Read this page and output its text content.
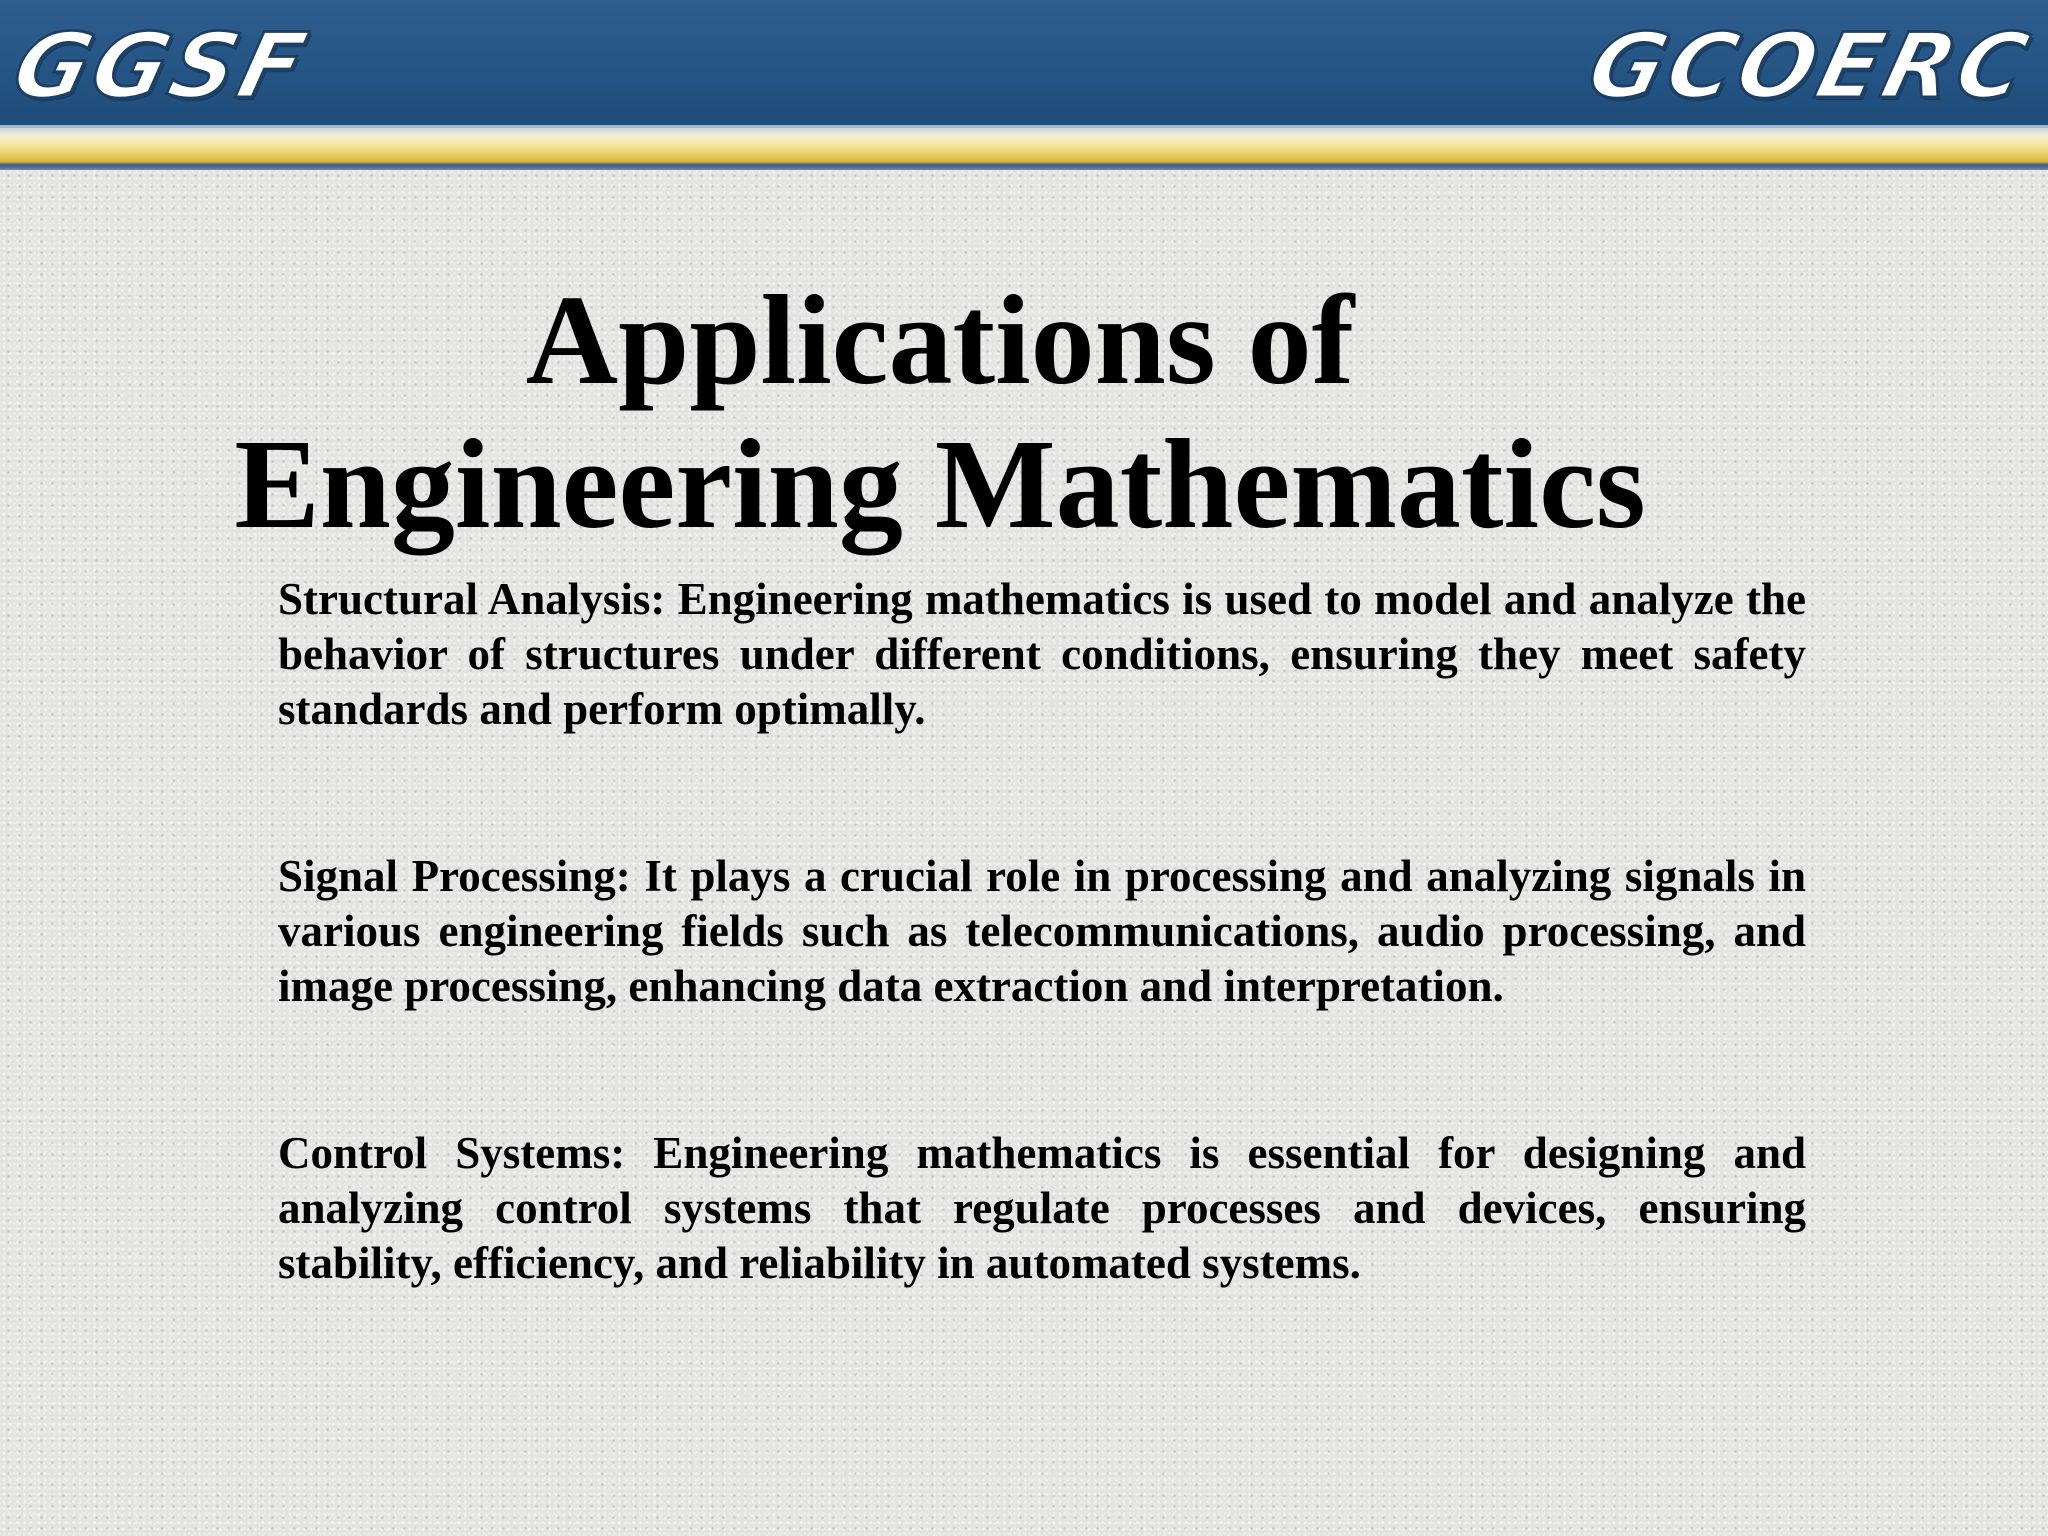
GGSF	GCOERC
Applications of
Engineering Mathematics

Structural Analysis: Engineering mathematics is used to model and analyze the behavior of structures under different conditions, ensuring they meet safety standards and perform optimally.

Signal Processing: It plays a crucial role in processing and analyzing signals in various engineering fields such as telecommunications, audio processing, and image processing, enhancing data extraction and interpretation.

Control Systems: Engineering mathematics is essential for designing and analyzing control systems that regulate processes and devices, ensuring stability, efficiency, and reliability in automated systems.
